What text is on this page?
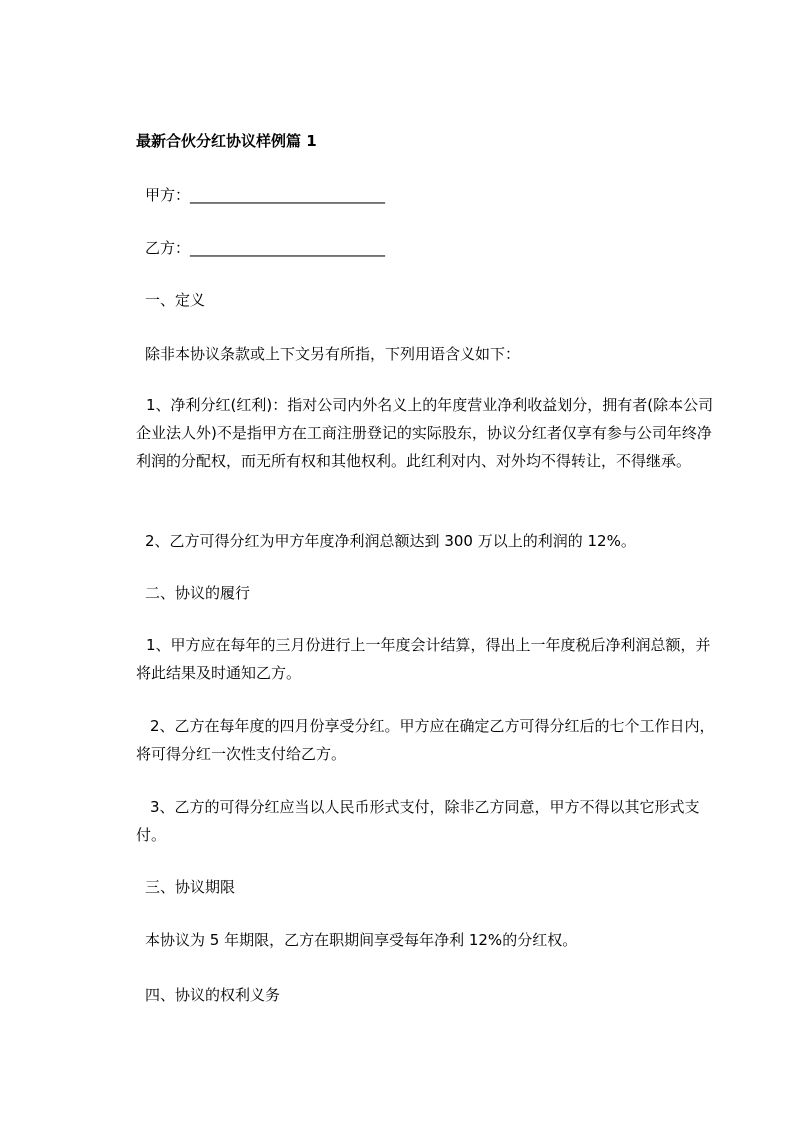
最新合伙分红协议样例篇 1
甲方：__________________________
乙方：__________________________
一、定义
除非本协议条款或上下文另有所指，下列用语含义如下：
1、净利分红(红利)：指对公司内外名义上的年度营业净利收益划分，拥有者(除本公司企业法人外)不是指甲方在工商注册登记的实际股东，协议分红者仅享有参与公司年终净利润的分配权，而无所有权和其他权利。此红利对内、对外均不得转让，不得继承。
2、乙方可得分红为甲方年度净利润总额达到 300 万以上的利润的 12%。
二、协议的履行
1、甲方应在每年的三月份进行上一年度会计结算，得出上一年度税后净利润总额，并将此结果及时通知乙方。
2、乙方在每年度的四月份享受分红。甲方应在确定乙方可得分红后的七个工作日内，将可得分红一次性支付给乙方。
3、乙方的可得分红应当以人民币形式支付，除非乙方同意，甲方不得以其它形式支付。
三、协议期限
本协议为 5 年期限，乙方在职期间享受每年净利 12%的分红权。
四、协议的权利义务
